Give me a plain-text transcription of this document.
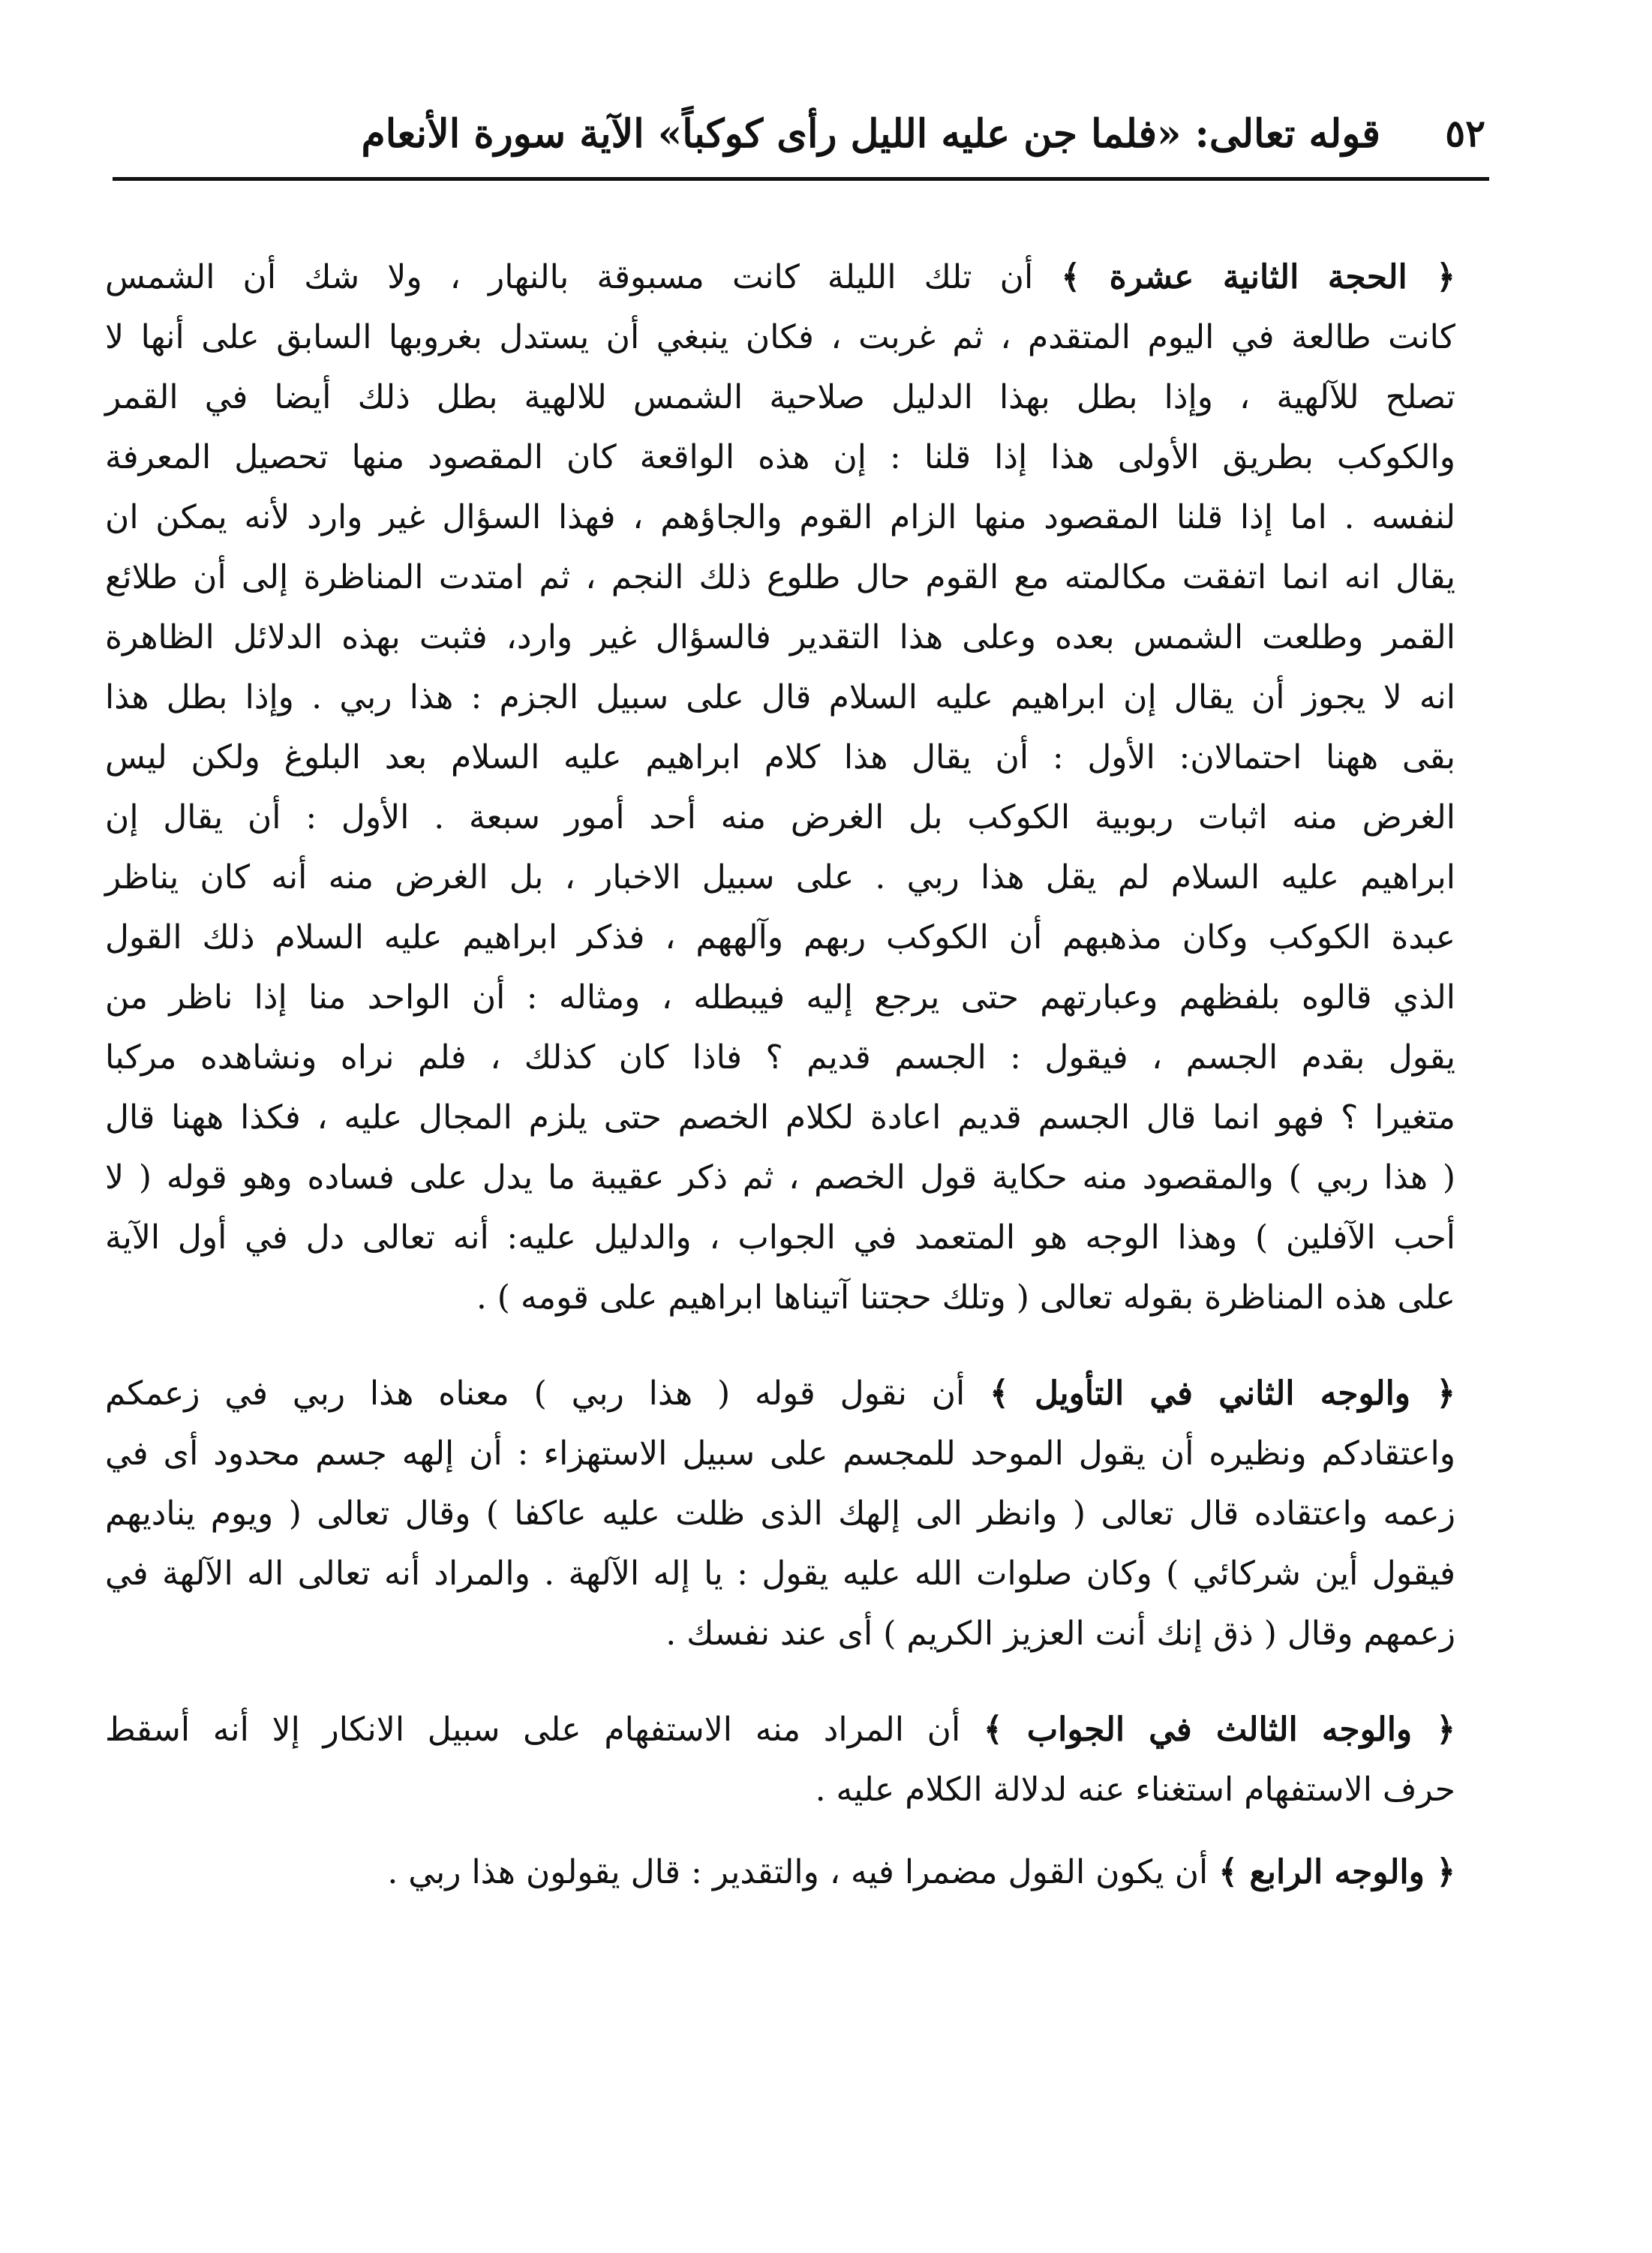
٥٢
قوله تعالى: «فلما جن عليه الليل رأى كوكباً» الآية سورة الأنعام

﴿ الحجة الثانية عشرة ﴾ أن تلك الليلة كانت مسبوقة بالنهار ، ولا شك أن الشمس
كانت طالعة في اليوم المتقدم ، ثم غربت ، فكان ينبغي أن يستدل بغروبها السابق على أنها لا
تصلح للآلهية ، وإذا بطل بهذا الدليل صلاحية الشمس للالهية بطل ذلك أيضا في القمر
والكوكب بطريق الأولى هذا إذا قلنا : إن هذه الواقعة كان المقصود منها تحصيل المعرفة
لنفسه . اما إذا قلنا المقصود منها الزام القوم والجاؤهم ، فهذا السؤال غير وارد لأنه يمكن ان
يقال انه انما اتفقت مكالمته مع القوم حال طلوع ذلك النجم ، ثم امتدت المناظرة إلى أن طلائع
القمر وطلعت الشمس بعده وعلى هذا التقدير فالسؤال غير وارد، فثبت بهذه الدلائل الظاهرة
انه لا يجوز أن يقال إن ابراهيم عليه السلام قال على سبيل الجزم : هذا ربي . وإذا بطل هذا
بقى ههنا احتمالان: الأول : أن يقال هذا كلام ابراهيم عليه السلام بعد البلوغ ولكن ليس
الغرض منه اثبات ربوبية الكوكب بل الغرض منه أحد أمور سبعة . الأول : أن يقال إن
ابراهيم عليه السلام لم يقل هذا ربي . على سبيل الاخبار ، بل الغرض منه أنه كان يناظر
عبدة الكوكب وكان مذهبهم أن الكوكب ربهم وآلههم ، فذكر ابراهيم عليه السلام ذلك القول
الذي قالوه بلفظهم وعبارتهم حتى يرجع إليه فيبطله ، ومثاله : أن الواحد منا إذا ناظر من
يقول بقدم الجسم ، فيقول : الجسم قديم ؟ فاذا كان كذلك ، فلم نراه ونشاهده مركبا
متغيرا ؟ فهو انما قال الجسم قديم اعادة لكلام الخصم حتى يلزم المجال عليه ، فكذا ههنا قال
( هذا ربي ) والمقصود منه حكاية قول الخصم ، ثم ذكر عقيبة ما يدل على فساده وهو قوله ( لا
أحب الآفلين ) وهذا الوجه هو المتعمد في الجواب ، والدليل عليه: أنه تعالى دل في أول الآية
على هذه المناظرة بقوله تعالى ( وتلك حجتنا آتيناها ابراهيم على قومه ) .

﴿ والوجه الثاني في التأويل ﴾ أن نقول قوله ( هذا ربي ) معناه هذا ربي في زعمكم
واعتقادكم ونظيره أن يقول الموحد للمجسم على سبيل الاستهزاء : أن إلهه جسم محدود أى في
زعمه واعتقاده قال تعالى ( وانظر الى إلهك الذى ظلت عليه عاكفا ) وقال تعالى ( ويوم يناديهم
فيقول أين شركائي ) وكان صلوات الله عليه يقول : يا إله الآلهة . والمراد أنه تعالى اله الآلهة في
زعمهم وقال ( ذق إنك أنت العزيز الكريم ) أى عند نفسك .

﴿ والوجه الثالث في الجواب ﴾ أن المراد منه الاستفهام على سبيل الانكار إلا أنه أسقط
حرف الاستفهام استغناء عنه لدلالة الكلام عليه .

﴿ والوجه الرابع ﴾ أن يكون القول مضمرا فيه ، والتقدير : قال يقولون هذا ربي .
